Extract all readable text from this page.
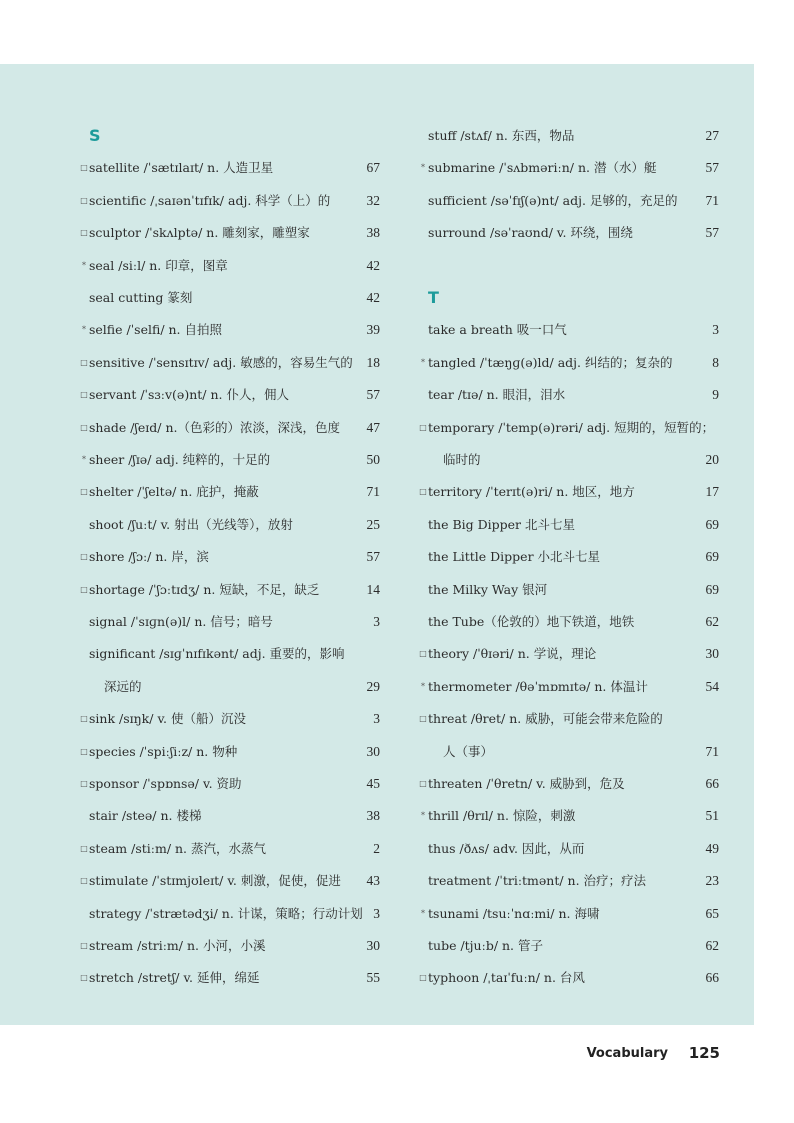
S
□ satellite /ˈsætɪlaɪt/ n. 人造卫星	67
□ scientific /ˌsaɪənˈtɪfɪk/ adj. 科学（上）的	32
□ sculptor /ˈskʌlptə/ n. 雕刻家，雕塑家	38
* seal /siːl/ n. 印章，图章	42
seal cutting 篆刻	42
* selfie /ˈselfi/ n. 自拍照	39
□ sensitive /ˈsensɪtɪv/ adj. 敏感的，容易生气的 18
□ servant /ˈsɜːv(ə)nt/ n. 仆人，佣人	57
□ shade /ʃeɪd/ n.（色彩的）浓淡，深浅，色度 47
* sheer /ʃɪə/ adj. 纯粹的，十足的	50
□ shelter /ˈʃeltə/ n. 庇护，掩蔽	71
shoot /ʃuːt/ v. 射出（光线等），放射	25
□ shore /ʃɔː/ n. 岸，滨	57
□ shortage /ˈʃɔːtɪdʒ/ n. 短缺，不足，缺乏	14
signal /ˈsɪɡn(ə)l/ n. 信号；暗号	3
significant /sɪɡˈnɪfɪkənt/ adj. 重要的，影响
深远的	29
□ sink /sɪŋk/ v. 使（船）沉没	3
□ species /ˈspiːʃiːz/ n. 物种	30
□ sponsor /ˈspɒnsə/ v. 资助	45
stair /steə/ n. 楼梯	38
□ steam /stiːm/ n. 蒸汽，水蒸气	2
□ stimulate /ˈstɪmjʊleɪt/ v. 刺激，促使，促进 43
strategy /ˈstrætədʒi/ n. 计谋，策略；行动计划 3
□ stream /striːm/ n. 小河，小溪	30
□ stretch /stretʃ/ v. 延伸，绵延	55
stuff /stʌf/ n. 东西，物品	27
* submarine /ˈsʌbməriːn/ n. 潜（水）艇	57
sufficient /səˈfɪʃ(ə)nt/ adj. 足够的，充足的 71
surround /səˈraʊnd/ v. 环绕，围绕	57
T
take a breath 吸一口气	3
* tangled /ˈtæŋɡ(ə)ld/ adj. 纠结的；复杂的	8
tear /tɪə/ n. 眼泪，泪水	9
□ temporary /ˈtemp(ə)rəri/ adj. 短期的，短暂的；
临时的	20
□ territory /ˈterɪt(ə)ri/ n. 地区，地方	17
the Big Dipper 北斗七星	69
the Little Dipper 小北斗七星	69
the Milky Way 银河	69
the Tube（伦敦的）地下铁道，地铁	62
□ theory /ˈθɪəri/ n. 学说，理论	30
* thermometer /θəˈmɒmɪtə/ n. 体温计	54
□ threat /θret/ n. 威胁，可能会带来危险的
人（事）	71
□ threaten /ˈθretn/ v. 威胁到，危及	66
* thrill /θrɪl/ n. 惊险，刺激	51
thus /ðʌs/ adv. 因此，从而	49
treatment /ˈtriːtmənt/ n. 治疗；疗法	23
* tsunami /tsuːˈnɑːmi/ n. 海啸	65
tube /tjuːb/ n. 管子	62
□ typhoon /ˌtaɪˈfuːn/ n. 台风	66
Vocabulary 125
